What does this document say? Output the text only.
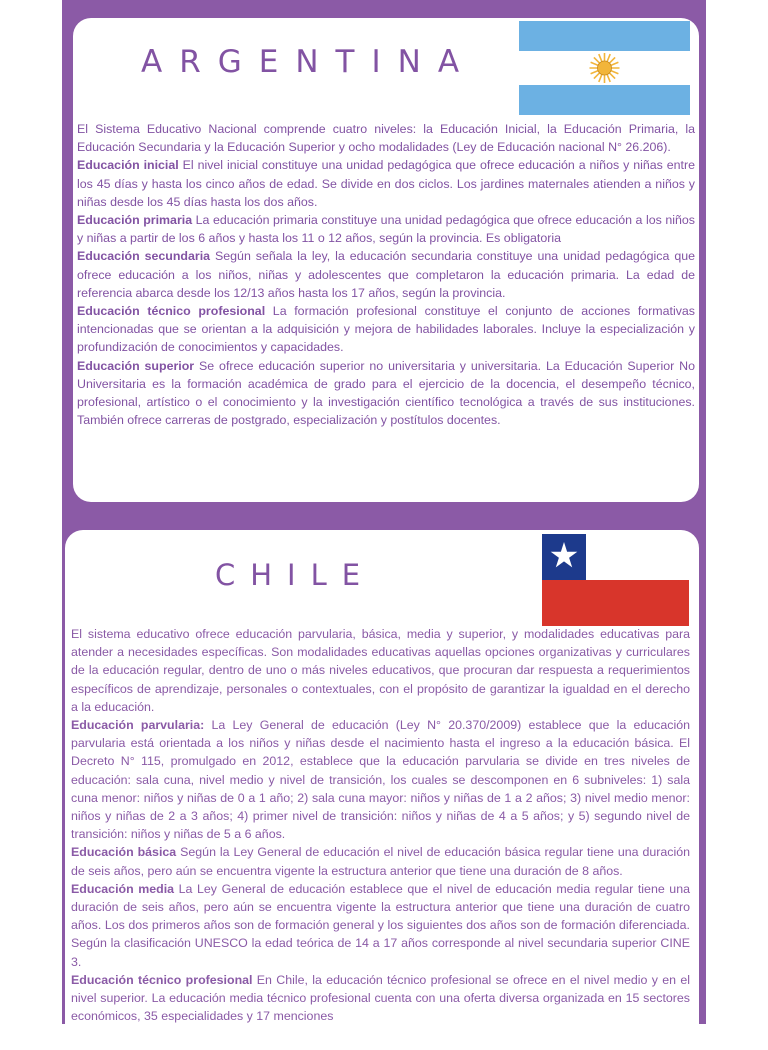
ARGENTINA

El Sistema Educativo Nacional comprende cuatro niveles: la Educación Inicial, la Educación Primaria, la Educación Secundaria y la Educación Superior y ocho modalidades (Ley de Educación nacional N° 26.206).

Educación inicial El nivel inicial constituye una unidad pedagógica que ofrece educación a niños y niñas entre los 45 días y hasta los cinco años de edad. Se divide en dos ciclos. Los jardines maternales atienden a niños y niñas desde los 45 días hasta los dos años.

Educación primaria La educación primaria constituye una unidad pedagógica que ofrece educación a los niños y niñas a partir de los 6 años y hasta los 11 o 12 años, según la provincia. Es obligatoria

Educación secundaria Según señala la ley, la educación secundaria constituye una unidad pedagógica que ofrece educación a los niños, niñas y adolescentes que completaron la educación primaria. La edad de referencia abarca desde los 12/13 años hasta los 17 años, según la provincia.

Educación técnico profesional La formación profesional constituye el conjunto de acciones formativas intencionadas que se orientan a la adquisición y mejora de habilidades laborales. Incluye la especialización y profundización de conocimientos y capacidades.

Educación superior Se ofrece educación superior no universitaria y universitaria. La Educación Superior No Universitaria es la formación académica de grado para el ejercicio de la docencia, el desempeño técnico, profesional, artístico o el conocimiento y la investigación científico tecnológica a través de sus instituciones. También ofrece carreras de postgrado, especialización y postítulos docentes.

CHILE

El sistema educativo ofrece educación parvularia, básica, media y superior, y modalidades educativas para atender a necesidades específicas. Son modalidades educativas aquellas opciones organizativas y curriculares de la educación regular, dentro de uno o más niveles educativos, que procuran dar respuesta a requerimientos específicos de aprendizaje, personales o contextuales, con el propósito de garantizar la igualdad en el derecho a la educación.

Educación parvularia: La Ley General de educación (Ley N° 20.370/2009) establece que la educación parvularia está orientada a los niños y niñas desde el nacimiento hasta el ingreso a la educación básica. El Decreto N° 115, promulgado en 2012, establece que la educación parvularia se divide en tres niveles de educación: sala cuna, nivel medio y nivel de transición, los cuales se descomponen en 6 subniveles: 1) sala cuna menor: niños y niñas de 0 a 1 año; 2) sala cuna mayor: niños y niñas de 1 a 2 años; 3) nivel medio menor: niños y niñas de 2 a 3 años; 4) primer nivel de transición: niños y niñas de 4 a 5 años; y 5) segundo nivel de transición: niños y niñas de 5 a 6 años.

Educación básica Según la Ley General de educación el nivel de educación básica regular tiene una duración de seis años, pero aún se encuentra vigente la estructura anterior que tiene una duración de 8 años.

Educación media La Ley General de educación establece que el nivel de educación media regular tiene una duración de seis años, pero aún se encuentra vigente la estructura anterior que tiene una duración de cuatro años. Los dos primeros años son de formación general y los siguientes dos años son de formación diferenciada. Según la clasificación UNESCO la edad teórica de 14 a 17 años corresponde al nivel secundaria superior CINE 3.

Educación técnico profesional En Chile, la educación técnico profesional se ofrece en el nivel medio y en el nivel superior. La educación media técnico profesional cuenta con una oferta diversa organizada en 15 sectores económicos, 35 especialidades y 17 menciones
